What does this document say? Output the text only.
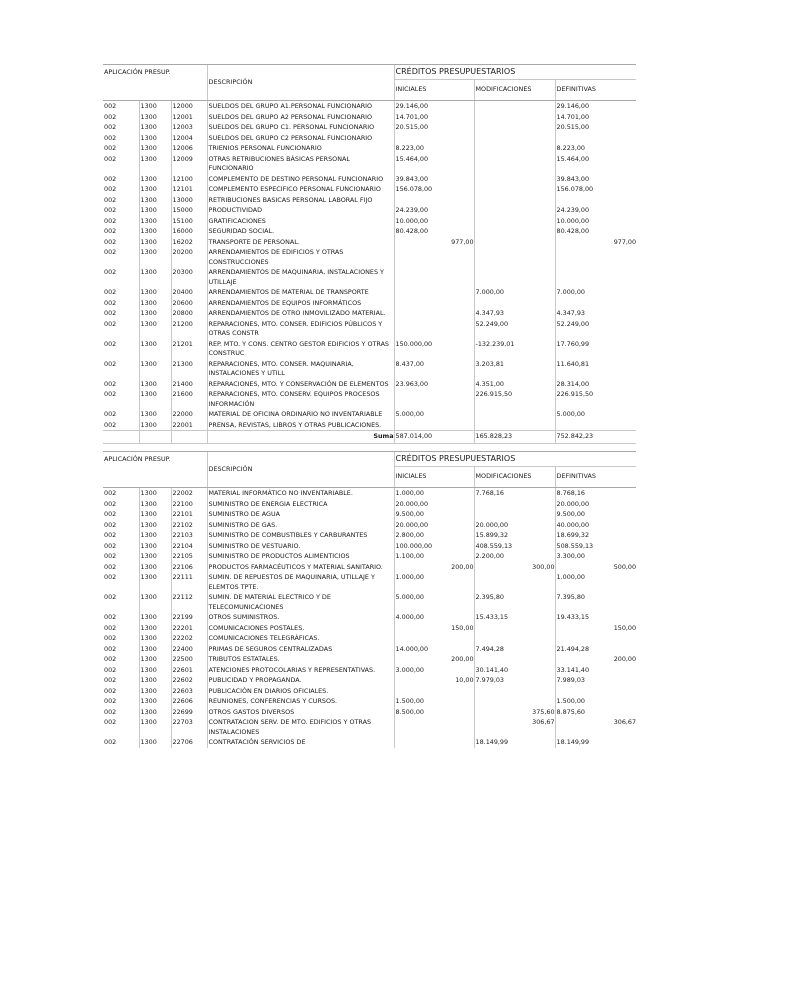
APLICACIÓN PRESUP.			DESCRIPCIÓN	CRÉDITOS PRESUPUESTARIOS		
				INICIALES	MODIFICACIONES	DEFINITIVAS
002	1300	12000	SUELDOS DEL GRUPO A1.PERSONAL FUNCIONARIO	29.146,00		29.146,00
002	1300	12001	SUELDOS DEL GRUPO A2 PERSONAL FUNCIONARIO	14.701,00		14.701,00
002	1300	12003	SUELDOS DEL GRUPO C1. PERSONAL FUNCIONARIO	20.515,00		20.515,00
002	1300	12004	SUELDOS DEL GRUPO C2 PERSONAL FUNCIONARIO			
002	1300	12006	TRIENIOS PERSONAL FUNCIONARIO	8.223,00		8.223,00
002	1300	12009	OTRAS RETRIBUCIONES BÁSICAS PERSONAL FUNCIONARIO	15.464,00		15.464,00
002	1300	12100	COMPLEMENTO DE DESTINO PERSONAL FUNCIONARIO	39.843,00		39.843,00
002	1300	12101	COMPLEMENTO ESPECIFICO PERSONAL FUNCIONARIO	156.078,00		156.078,00
002	1300	13000	RETRIBUCIONES BASICAS PERSONAL LABORAL FIJO			
002	1300	15000	PRODUCTIVIDAD	24.239,00		24.239,00
002	1300	15100	GRATIFICACIONES	10.000,00		10.000,00
002	1300	16000	SEGURIDAD SOCIAL.	80.428,00		80.428,00
002	1300	16202	TRANSPORTE DE PERSONAL.	977,00		977,00
002	1300	20200	ARRENDAMIENTOS DE EDIFICIOS Y OTRAS CONSTRUCCIONES			
002	1300	20300	ARRENDAMIENTOS DE MAQUINARIA, INSTALACIONES Y UTILLAJE			
002	1300	20400	ARRENDAMIENTOS DE MATERIAL DE TRANSPORTE		7.000,00	7.000,00
002	1300	20600	ARRENDAMIENTOS DE EQUIPOS INFORMÁTICOS			
002	1300	20800	ARRENDAMIENTOS DE OTRO INMOVILIZADO MATERIAL.		4.347,93	4.347,93
002	1300	21200	REPARACIONES, MTO. CONSER. EDIFICIOS PÚBLICOS Y OTRAS CONSTR		52.249,00	52.249,00
002	1300	21201	REP. MTO. Y CONS. CENTRO GESTOR EDIFICIOS Y OTRAS CONSTRUC	150.000,00	-132.239,01	17.760,99
002	1300	21300	REPARACIONES, MTO. CONSER. MAQUINARIA, INSTALACIONES Y UTILL	8.437,00	3.203,81	11.640,81
002	1300	21400	REPARACIONES, MTO. Y CONSERVACIÓN DE ELEMENTOS	23.963,00	4.351,00	28.314,00
002	1300	21600	REPARACIONES, MTO. CONSERV. EQUIPOS PROCESOS INFORMACIÓN		226.915,50	226.915,50
002	1300	22000	MATERIAL DE OFICINA ORDINARIO NO INVENTARIABLE	5.000,00		5.000,00
002	1300	22001	PRENSA, REVISTAS, LIBROS Y OTRAS PUBLICACIONES.			
			Suma	587.014,00	165.828,23	752.842,23

APLICACIÓN PRESUP.			DESCRIPCIÓN	CRÉDITOS PRESUPUESTARIOS		
				INICIALES	MODIFICACIONES	DEFINITIVAS
002	1300	22002	MATERIAL INFORMÁTICO NO INVENTARIABLE.	1.000,00	7.768,16	8.768,16
002	1300	22100	SUMINISTRO DE ENERGIA ELECTRICA	20.000,00		20.000,00
002	1300	22101	SUMINISTRO DE AGUA	9.500,00		9.500,00
002	1300	22102	SUMINISTRO DE GAS.	20.000,00	20.000,00	40.000,00
002	1300	22103	SUMINISTRO DE COMBUSTIBLES Y CARBURANTES	2.800,00	15.899,32	18.699,32
002	1300	22104	SUMINISTRO DE VESTUARIO.	100.000,00	408.559,13	508.559,13
002	1300	22105	SUMINISTRO DE PRODUCTOS ALIMENTICIOS	1.100,00	2.200,00	3.300,00
002	1300	22106	PRODUCTOS FARMACÉUTICOS Y MATERIAL SANITARIO.	200,00	300,00	500,00
002	1300	22111	SUMIN. DE REPUESTOS DE MAQUINARIA, UTILLAJE Y ELEMTOS TPTE.	1.000,00		1.000,00
002	1300	22112	SUMIN. DE MATERIAL ELECTRICO Y DE TELECOMUNICACIONES	5.000,00	2.395,80	7.395,80
002	1300	22199	OTROS SUMINISTROS.	4.000,00	15.433,15	19.433,15
002	1300	22201	COMUNICACIONES POSTALES.	150,00		150,00
002	1300	22202	COMUNICACIONES TELEGRÁFICAS.			
002	1300	22400	PRIMAS DE SEGUROS CENTRALIZADAS	14.000,00	7.494,28	21.494,28
002	1300	22500	TRIBUTOS ESTATALES.	200,00		200,00
002	1300	22601	ATENCIONES PROTOCOLARIAS Y REPRESENTATIVAS.	3.000,00	30.141,40	33.141,40
002	1300	22602	PUBLICIDAD Y PROPAGANDA.	10,00	7.979,03	7.989,03
002	1300	22603	PUBLICACIÓN EN DIARIOS OFICIALES.			
002	1300	22606	REUNIONES, CONFERENCIAS Y CURSOS.	1.500,00		1.500,00
002	1300	22699	OTROS GASTOS DIVERSOS	8.500,00	375,60	8.875,60
002	1300	22703	CONTRATACION SERV. DE MTO. EDIFICIOS Y OTRAS INSTALACIONES		306,67	306,67
002	1300	22706	CONTRATACIÓN SERVICIOS DE		18.149,99	18.149,99
